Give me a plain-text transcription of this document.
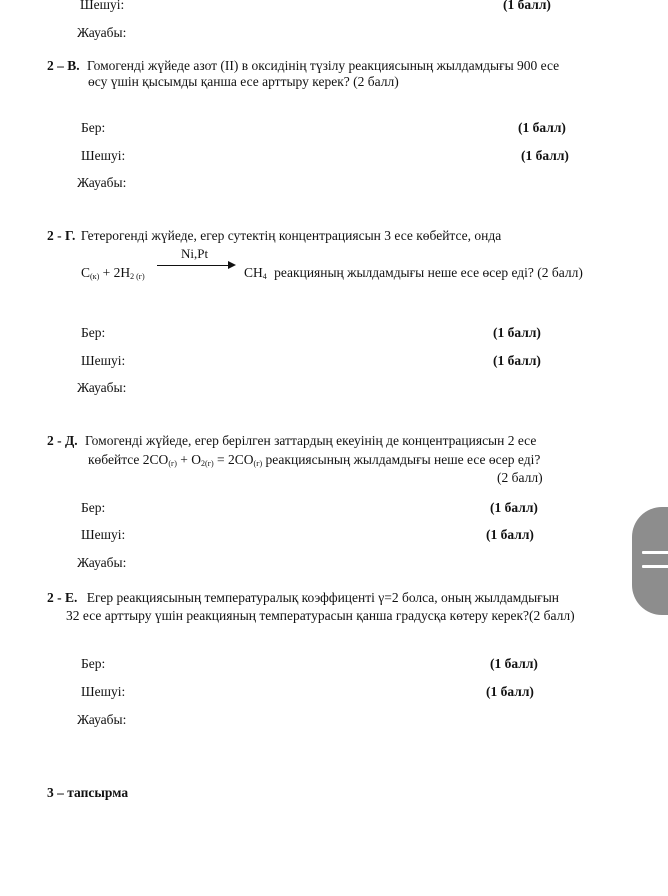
Шешуі:	(1 балл)
Жауабы:
2 – В. Гомогенді жүйеде азот (ІІ) в оксидінің түзілу реакциясының жылдамдығы 900 есе
өсу үшін қысымды қанша есе арттыру керек? (2 балл)
Бер:	(1 балл)
Шешуі:	(1 балл)
Жауабы:
2 - Г. Гетерогенді жүйеде, егер сутектің концентрациясын 3 есе көбейтсе, онда
Ni,Pt
$C_{(к)} + 2H_{2 (г)}$	$CH_4$ реакцияның жылдамдығы неше есе өсер еді? (2 балл)
Бер:	(1 балл)
Шешуі:	(1 балл)
Жауабы:
2 - Д. Гомогенді жүйеде, егер берілген заттардың екеуінің де концентрациясын 2 есе
көбейтсе $2CO_{(г)} + O_{2(г)} = 2CO_{(г)}$ реакциясының жылдамдығы неше есе өсер еді?
(2 балл)
Бер:	(1 балл)
Шешуі:	(1 балл)
Жауабы:
2 - Е. Егер реакциясының температуралық коэффиценті γ=2 болса, оның жылдамдығын
32 есе арттыру үшін реакцияның температурасын қанша градусқа көтеру керек?(2 балл)
Бер:	(1 балл)
Шешуі:	(1 балл)
Жауабы:
3 – тапсырма
